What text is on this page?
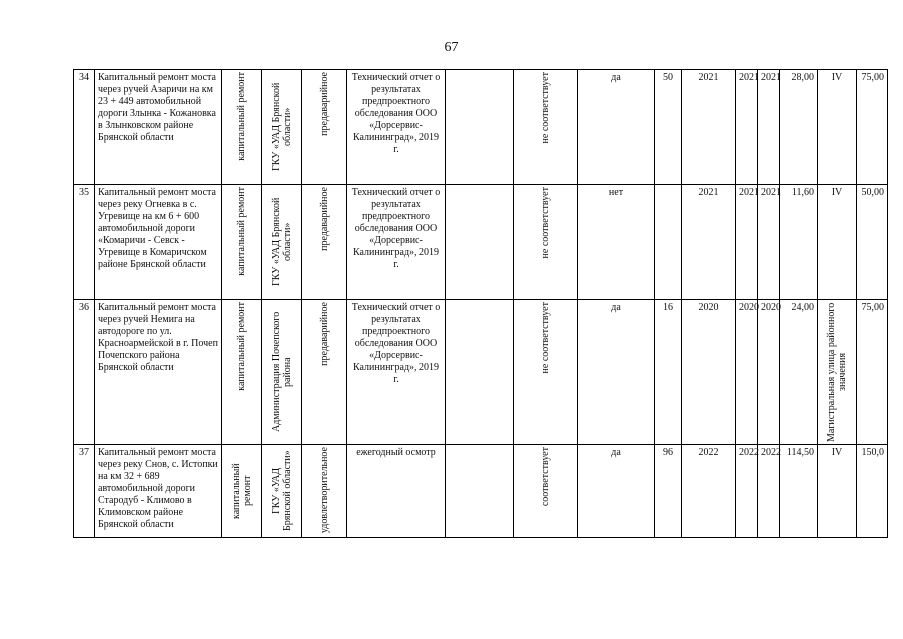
67
34	Капитальный ремонт моста через ручей Азаричи на км 23 + 449 автомобильной дороги Злынка - Кожановка в Злынковском районе Брянской области	капитальный ремонт	ГКУ «УАД Брянской области»	предаварийное	Технический отчет о результатах предпроектного обследования ООО «Дорсервис-Калининград», 2019 г.		не соответствует	да	50	2021	2021	2021	28,00	IV	75,00
35	Капитальный ремонт моста через реку Огневка в с. Угревище на км 6 + 600 автомобильной дороги «Комаричи - Севск - Угревище в Комаричском районе Брянской области	капитальный ремонт	ГКУ «УАД Брянской области»	предаварийное	Технический отчет о результатах предпроектного обследования ООО «Дорсервис-Калининград», 2019 г.		не соответствует	нет		2021	2021	2021	11,60	IV	50,00
36	Капитальный ремонт моста через ручей Немига на автодороге по ул. Красноармейской в г. Почеп Почепского района Брянской области	капитальный ремонт	Администрация Почепского района	предаварийное	Технический отчет о результатах предпроектного обследования ООО «Дорсервис-Калининград», 2019 г.		не соответствует	да	16	2020	2020	2020	24,00	Магистральная улица районного значения	75,00
37	Капитальный ремонт моста через реку Снов, с. Истопки на км 32 + 689 автомобильной дороги Стародуб - Климово в Климовском районе Брянской области	капитальный ремонт	ГКУ «УАД Брянской области»	удовлетворительное	ежегодный осмотр		соответствует	да	96	2022	2022	2022	114,50	IV	150,0
